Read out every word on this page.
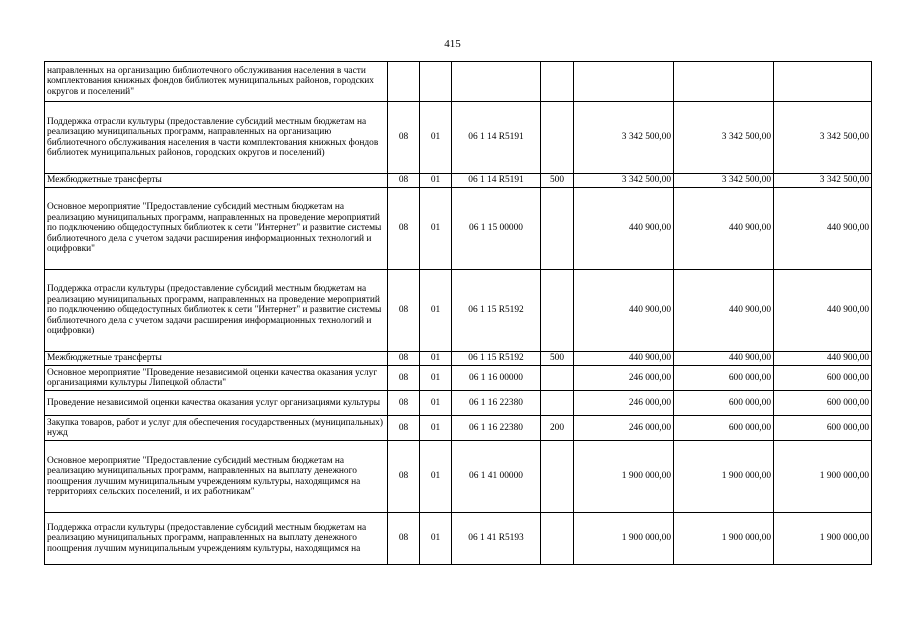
415
направленных на организацию библиотечного обслуживания населения в части комплектования книжных фондов библиотек муниципальных районов, городских округов и поселений"							
Поддержка отрасли культуры (предоставление субсидий местным бюджетам на реализацию муниципальных программ, направленных на организацию библиотечного обслуживания населения в части комплектования книжных фондов библиотек муниципальных районов, городских округов и поселений)	08	01	06 1 14 R5191		3 342 500,00	3 342 500,00	3 342 500,00
Межбюджетные трансферты	08	01	06 1 14 R5191	500	3 342 500,00	3 342 500,00	3 342 500,00
Основное мероприятие "Предоставление субсидий местным бюджетам на реализацию муниципальных программ, направленных на проведение мероприятий по подключению общедоступных библиотек к сети "Интернет" и развитие системы библиотечного дела с учетом задачи расширения информационных технологий и оцифровки"	08	01	06 1 15 00000		440 900,00	440 900,00	440 900,00
Поддержка отрасли культуры (предоставление субсидий местным бюджетам на реализацию муниципальных программ, направленных на проведение мероприятий по подключению общедоступных библиотек к сети "Интернет" и развитие системы библиотечного дела с учетом задачи расширения информационных технологий и оцифровки)	08	01	06 1 15 R5192		440 900,00	440 900,00	440 900,00
Межбюджетные трансферты	08	01	06 1 15 R5192	500	440 900,00	440 900,00	440 900,00
Основное мероприятие "Проведение независимой оценки качества оказания услуг организациями культуры Липецкой области"	08	01	06 1 16 00000		246 000,00	600 000,00	600 000,00
Проведение независимой оценки качества оказания услуг организациями культуры	08	01	06 1 16 22380		246 000,00	600 000,00	600 000,00
Закупка товаров, работ и услуг для обеспечения государственных (муниципальных) нужд	08	01	06 1 16 22380	200	246 000,00	600 000,00	600 000,00
Основное мероприятие "Предоставление субсидий местным бюджетам на реализацию муниципальных программ, направленных на выплату денежного поощрения лучшим муниципальным учреждениям культуры, находящимся на территориях сельских поселений, и их работникам"	08	01	06 1 41 00000		1 900 000,00	1 900 000,00	1 900 000,00
Поддержка отрасли культуры (предоставление субсидий местным бюджетам на реализацию муниципальных программ, направленных на выплату денежного поощрения лучшим муниципальным учреждениям культуры, находящимся на	08	01	06 1 41 R5193		1 900 000,00	1 900 000,00	1 900 000,00
